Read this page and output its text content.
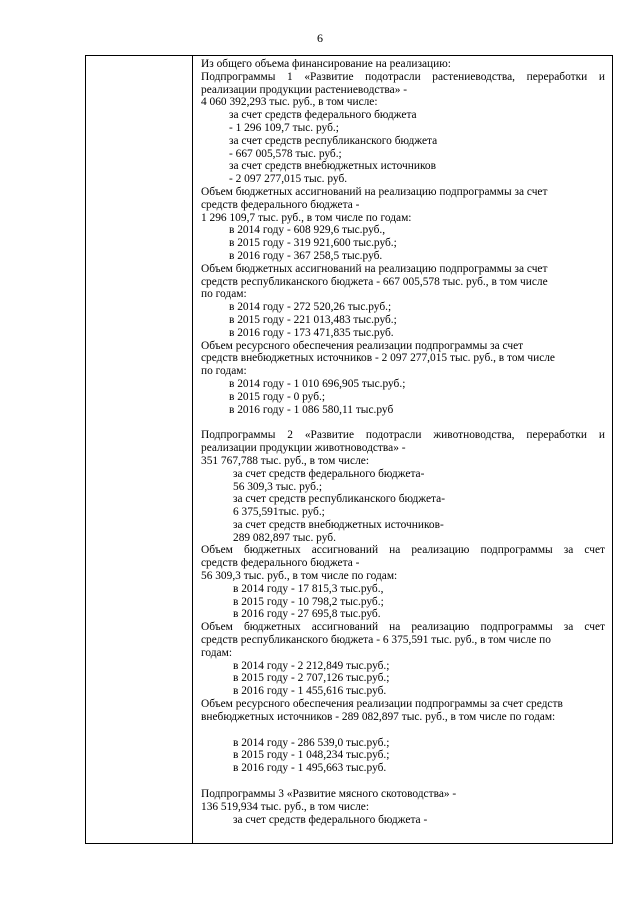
6
Из общего объема финансирование на реализацию:
Подпрограммы 1 «Развитие подотрасли растениеводства, переработки и
реализации продукции растениеводства» -
4 060 392,293 тыс. руб., в том числе:
за счет средств федерального бюджета
- 1 296 109,7 тыс. руб.;
за счет средств республиканского бюджета
- 667 005,578 тыс. руб.;
за счет средств внебюджетных источников
- 2 097 277,015 тыс. руб.
Объем бюджетных ассигнований на реализацию подпрограммы за счет
средств федерального бюджета -
1 296 109,7 тыс. руб., в том числе по годам:
в 2014 году - 608 929,6 тыс.руб.,
в 2015 году - 319 921,600 тыс.руб.;
в 2016 году - 367 258,5 тыс.руб.
Объем бюджетных ассигнований на реализацию подпрограммы за счет
средств республиканского бюджета - 667 005,578 тыс. руб., в том числе
по годам:
в 2014 году - 272 520,26 тыс.руб.;
в 2015 году - 221 013,483 тыс.руб.;
в 2016 году - 173 471,835 тыс.руб.
Объем ресурсного обеспечения реализации подпрограммы за счет
средств внебюджетных источников - 2 097 277,015 тыс. руб., в том числе
по годам:
в 2014 году - 1 010 696,905 тыс.руб.;
в 2015 году - 0 руб.;
в 2016 году - 1 086 580,11 тыс.руб
Подпрограммы 2 «Развитие подотрасли животноводства, переработки и
реализации продукции животноводства» -
351 767,788 тыс. руб., в том числе:
за счет средств федерального бюджета-
56 309,3 тыс. руб.;
за счет средств республиканского бюджета-
6 375,591тыс. руб.;
за счет средств внебюджетных источников-
289 082,897 тыс. руб.
Объем бюджетных ассигнований на реализацию подпрограммы за счет
средств федерального бюджета -
56 309,3 тыс. руб., в том числе по годам:
в 2014 году - 17 815,3 тыс.руб.,
в 2015 году - 10 798,2 тыс.руб.;
в 2016 году - 27 695,8 тыс.руб.
Объем бюджетных ассигнований на реализацию подпрограммы за счет
средств республиканского бюджета - 6 375,591 тыс. руб., в том числе по
годам:
в 2014 году - 2 212,849 тыс.руб.;
в 2015 году - 2 707,126 тыс.руб.;
в 2016 году - 1 455,616 тыс.руб.
Объем ресурсного обеспечения реализации подпрограммы за счет средств
внебюджетных источников - 289 082,897 тыс. руб., в том числе по годам:
в 2014 году - 286 539,0 тыс.руб.;
в 2015 году - 1 048,234 тыс.руб.;
в 2016 году - 1 495,663 тыс.руб.
Подпрограммы 3 «Развитие мясного скотоводства» -
136 519,934 тыс. руб., в том числе:
за счет средств федерального бюджета -
